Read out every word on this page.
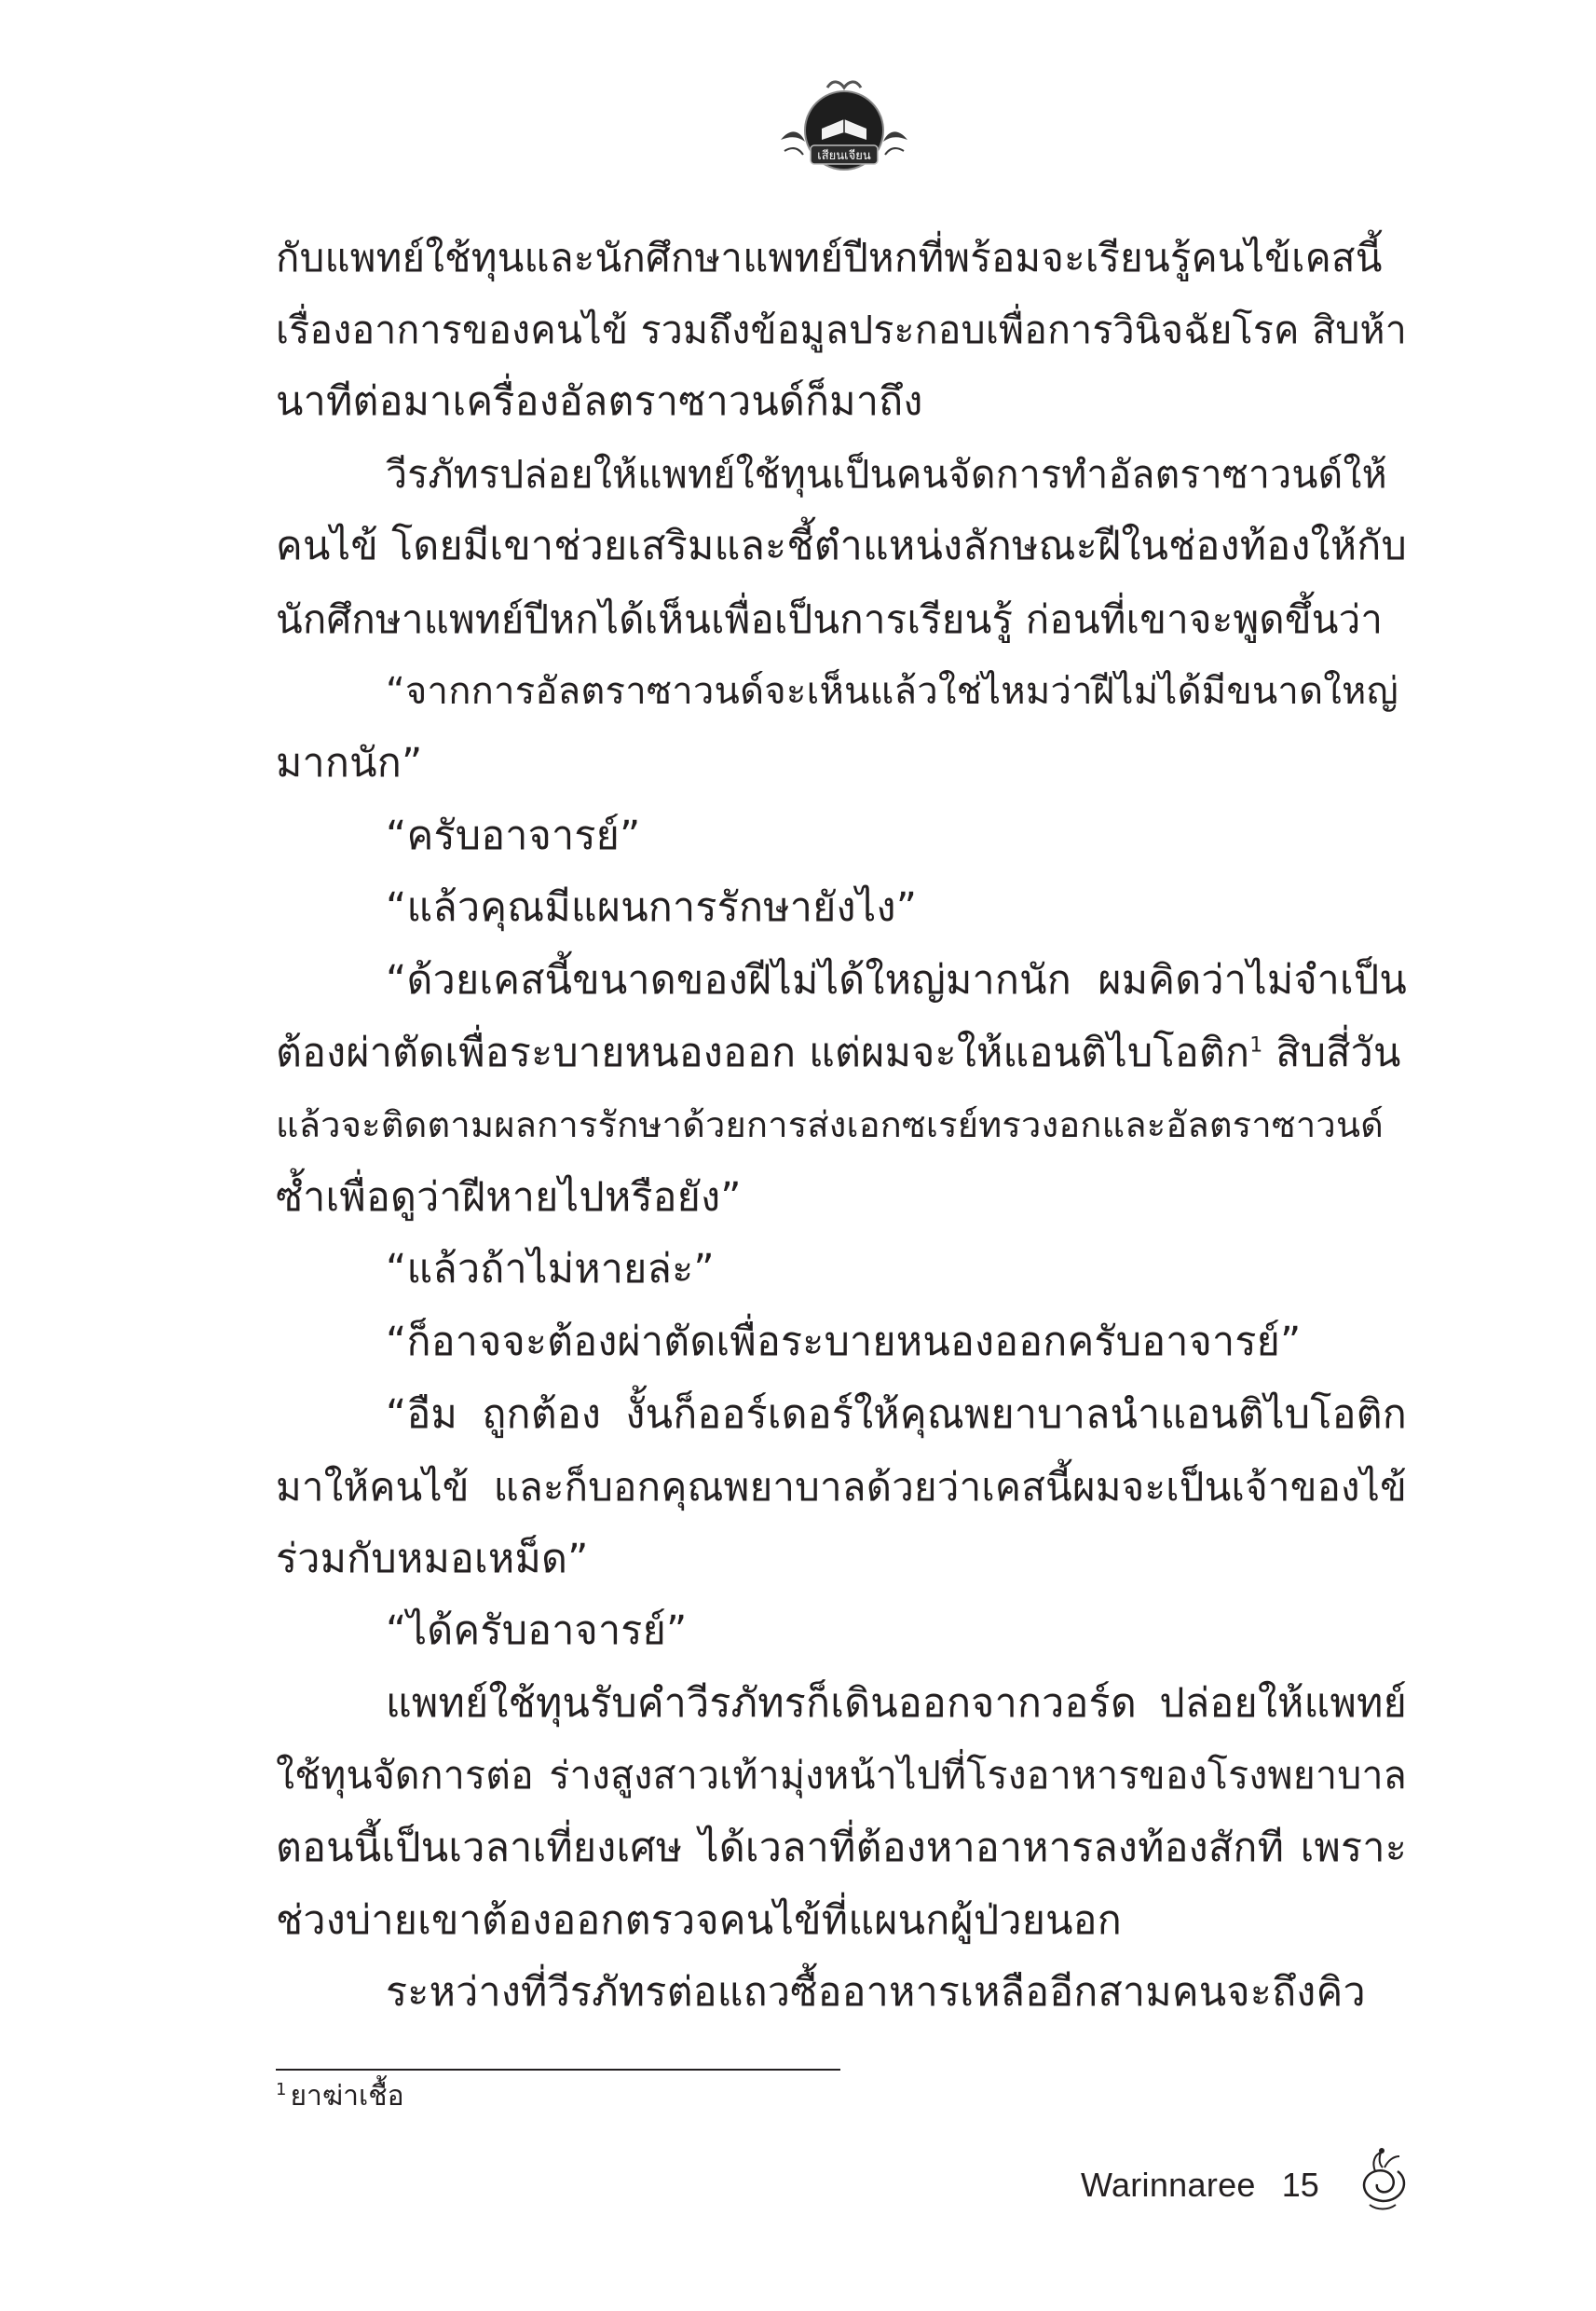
เสียนเจียน
กับแพทย์ใช้ทุนและนักศึกษาแพทย์ปีหกที่พร้อมจะเรียนรู้คนไข้เคสนี้
เรื่องอาการของคนไข้ รวมถึงข้อมูลประกอบเพื่อการวินิจฉัยโรค สิบห้า
นาทีต่อมาเครื่องอัลตราซาวนด์ก็มาถึง
วีรภัทรปล่อยให้แพทย์ใช้ทุนเป็นคนจัดการทำอัลตราซาวนด์ให้
คนไข้ โดยมีเขาช่วยเสริมและชี้ตำแหน่งลักษณะฝีในช่องท้องให้กับ
นักศึกษาแพทย์ปีหกได้เห็นเพื่อเป็นการเรียนรู้ ก่อนที่เขาจะพูดขึ้นว่า
“จากการอัลตราซาวนด์จะเห็นแล้วใช่ไหมว่าฝีไม่ได้มีขนาดใหญ่
มากนัก”
“ครับอาจารย์”
“แล้วคุณมีแผนการรักษายังไง”
“ด้วยเคสนี้ขนาดของฝีไม่ได้ใหญ่มากนัก ผมคิดว่าไม่จำเป็น
ต้องผ่าตัดเพื่อระบายหนองออก แต่ผมจะให้แอนติไบโอติก$^1$ สิบสี่วัน
แล้วจะติดตามผลการรักษาด้วยการส่งเอกซเรย์ทรวงอกและอัลตราซาวนด์
ซ้ำเพื่อดูว่าฝีหายไปหรือยัง”
“แล้วถ้าไม่หายล่ะ”
“ก็อาจจะต้องผ่าตัดเพื่อระบายหนองออกครับอาจารย์”
“อืม ถูกต้อง งั้นก็ออร์เดอร์ให้คุณพยาบาลนำแอนติไบโอติก
มาให้คนไข้ และก็บอกคุณพยาบาลด้วยว่าเคสนี้ผมจะเป็นเจ้าของไข้
ร่วมกับหมอเหม็ด”
“ได้ครับอาจารย์”
แพทย์ใช้ทุนรับคำวีรภัทรก็เดินออกจากวอร์ด ปล่อยให้แพทย์
ใช้ทุนจัดการต่อ ร่างสูงสาวเท้ามุ่งหน้าไปที่โรงอาหารของโรงพยาบาล
ตอนนี้เป็นเวลาเที่ยงเศษ ได้เวลาที่ต้องหาอาหารลงท้องสักที เพราะ
ช่วงบ่ายเขาต้องออกตรวจคนไข้ที่แผนกผู้ป่วยนอก
ระหว่างที่วีรภัทรต่อแถวซื้ออาหารเหลืออีกสามคนจะถึงคิว
$^1$ ยาฆ่าเชื้อ
Warinnaree 15
